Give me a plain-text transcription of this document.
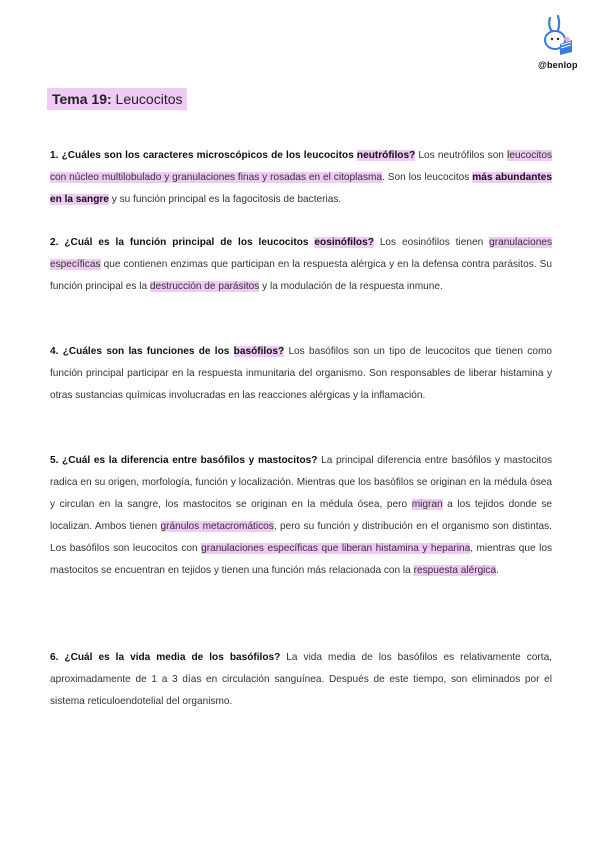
@benlop
Tema 19: Leucocitos
1. ¿Cuáles son los caracteres microscópicos de los leucocitos neutrófilos? Los neutrófilos son leucocitos con núcleo multilobulado y granulaciones finas y rosadas en el citoplasma. Son los leucocitos más abundantes en la sangre y su función principal es la fagocitosis de bacterias.
2. ¿Cuál es la función principal de los leucocitos eosinófilos? Los eosinófilos tienen granulaciones específicas que contienen enzimas que participan en la respuesta alérgica y en la defensa contra parásitos. Su función principal es la destrucción de parásitos y la modulación de la respuesta inmune.
4. ¿Cuáles son las funciones de los basófilos? Los basófilos son un tipo de leucocitos que tienen como función principal participar en la respuesta inmunitaria del organismo. Son responsables de liberar histamina y otras sustancias químicas involucradas en las reacciones alérgicas y la inflamación.
5. ¿Cuál es la diferencia entre basófilos y mastocitos? La principal diferencia entre basófilos y mastocitos radica en su origen, morfología, función y localización. Mientras que los basófilos se originan en la médula ósea y circulan en la sangre, los mastocitos se originan en la médula ósea, pero migran a los tejidos donde se localizan. Ambos tienen gránulos metacromáticos, pero su función y distribución en el organismo son distintas. Los basófilos son leucocitos con granulaciones específicas que liberan histamina y heparina, mientras que los mastocitos se encuentran en tejidos y tienen una función más relacionada con la respuesta alérgica.
6. ¿Cuál es la vida media de los basófilos? La vida media de los basófilos es relativamente corta, aproximadamente de 1 a 3 días en circulación sanguínea. Después de este tiempo, son eliminados por el sistema reticuloendotelial del organismo.
